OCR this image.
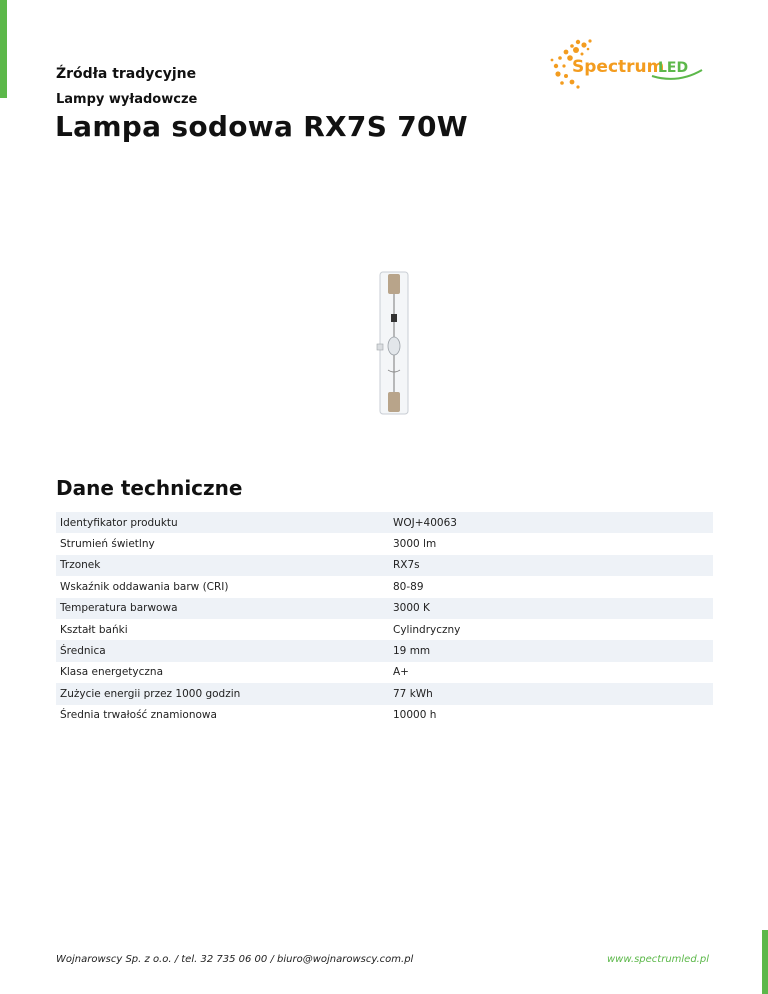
Źródła tradycyjne
Lampy wyładowcze
Lampa sodowa RX7S 70W
Spectrum
LED
Dane techniczne
Identyfikator produktu	WOJ+40063
Strumień świetlny	3000 lm
Trzonek	RX7s
Wskaźnik oddawania barw (CRI)	80-89
Temperatura barwowa	3000 K
Kształt bańki	Cylindryczny
Średnica	19 mm
Klasa energetyczna	A+
Zużycie energii przez 1000 godzin	77 kWh
Średnia trwałość znamionowa	10000 h
Wojnarowscy Sp. z o.o. / tel. 32 735 06 00 / biuro@wojnarowscy.com.pl	www.spectrumled.pl
